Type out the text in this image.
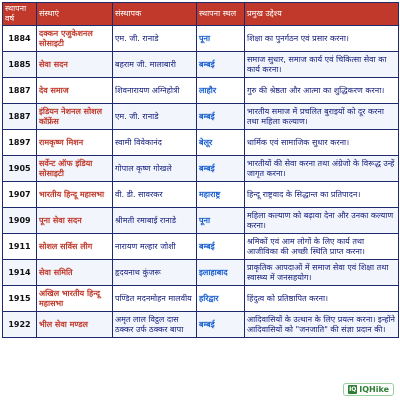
स्थापना वर्ष	संस्थाएं	संस्थापक	स्थापना स्थल	प्रमुख उद्देश्य
1884	दक्कन एजुकेशनल सोसाइटी	एम. जी. रानाडे	पूना	शिक्षा का पुनर्गठन एवं प्रसार करना।
1885	सेवा सदन	बहराम जी. मालाबारी	बम्बई	समाज सुधार, समाज कार्य एवं चिकित्सा सेवा का कार्य करना।
1887	देव समाज	शिवनारायण अग्निहोत्री	लाहौर	गुरु की श्रेष्ठता और आत्मा का शुद्धिकरण करना।
1887	इंडियन नेशनल सोशल कॉफ्रेंस	एम. जी. रानाडे	बम्बई	भारतीय समाज में प्रचलित बुराइयों को दूर करना तथा महिला कल्याण।
1897	रामकृष्ण मिशन	स्वामी विवेकानंद	बेलूर	धार्मिक एवं सामाजिक सुधार करना।
1905	सर्वेन्ट ऑफ इंडिया सोसाइटी	गोपाल कृष्ण गोखले	बम्बई	भारतीयों की सेवा करना तथा अंग्रेजो के विरूद्ध उन्हें जागृत करना।
1907	भारतीय हिन्दू महासभा	वी. डी. सावरकर	महाराष्ट्र	हिन्दू राष्ट्रवाद के सिद्धान्त का प्रतिपादन।
1909	पूना सेवा सदन	श्रीमती रमाबाई रानाडे	पूना	महिला कल्याण को बढ़ावा देना और उनका कल्याण करना।
1911	सोशल सर्विस लीग	नारायण मल्हार जोशी	बम्बई	श्रमिकों एवं आम लोगों के लिए कार्य तथा आजीविका की अच्छी स्थिति प्राप्त करना।
1914	सेवा समिति	हृदयनाथ कुंजरू	इलाहाबाद	प्राकृतिक आपदाओं में समाज सेवा एवं शिक्षा तथा स्वास्थ्य में जनसहयोग।
1915	अखिल भारतीय हिन्दू महासभा	पण्डित मदनमोहन मालवीय	हरिद्वार	हिंदुत्व को प्रतिष्ठापित करना।
1922	भील सेवा मण्डल	अमृत लाल विट्ठल दास ठक्कर उर्फ ठक्कर बापा	बम्बई	आदिवासियों के उत्थान के लिए प्रयत्न करना। इन्होंने आदिवासियों को "जनजाति" की संज्ञा प्रदान की।
IQ IQHike
